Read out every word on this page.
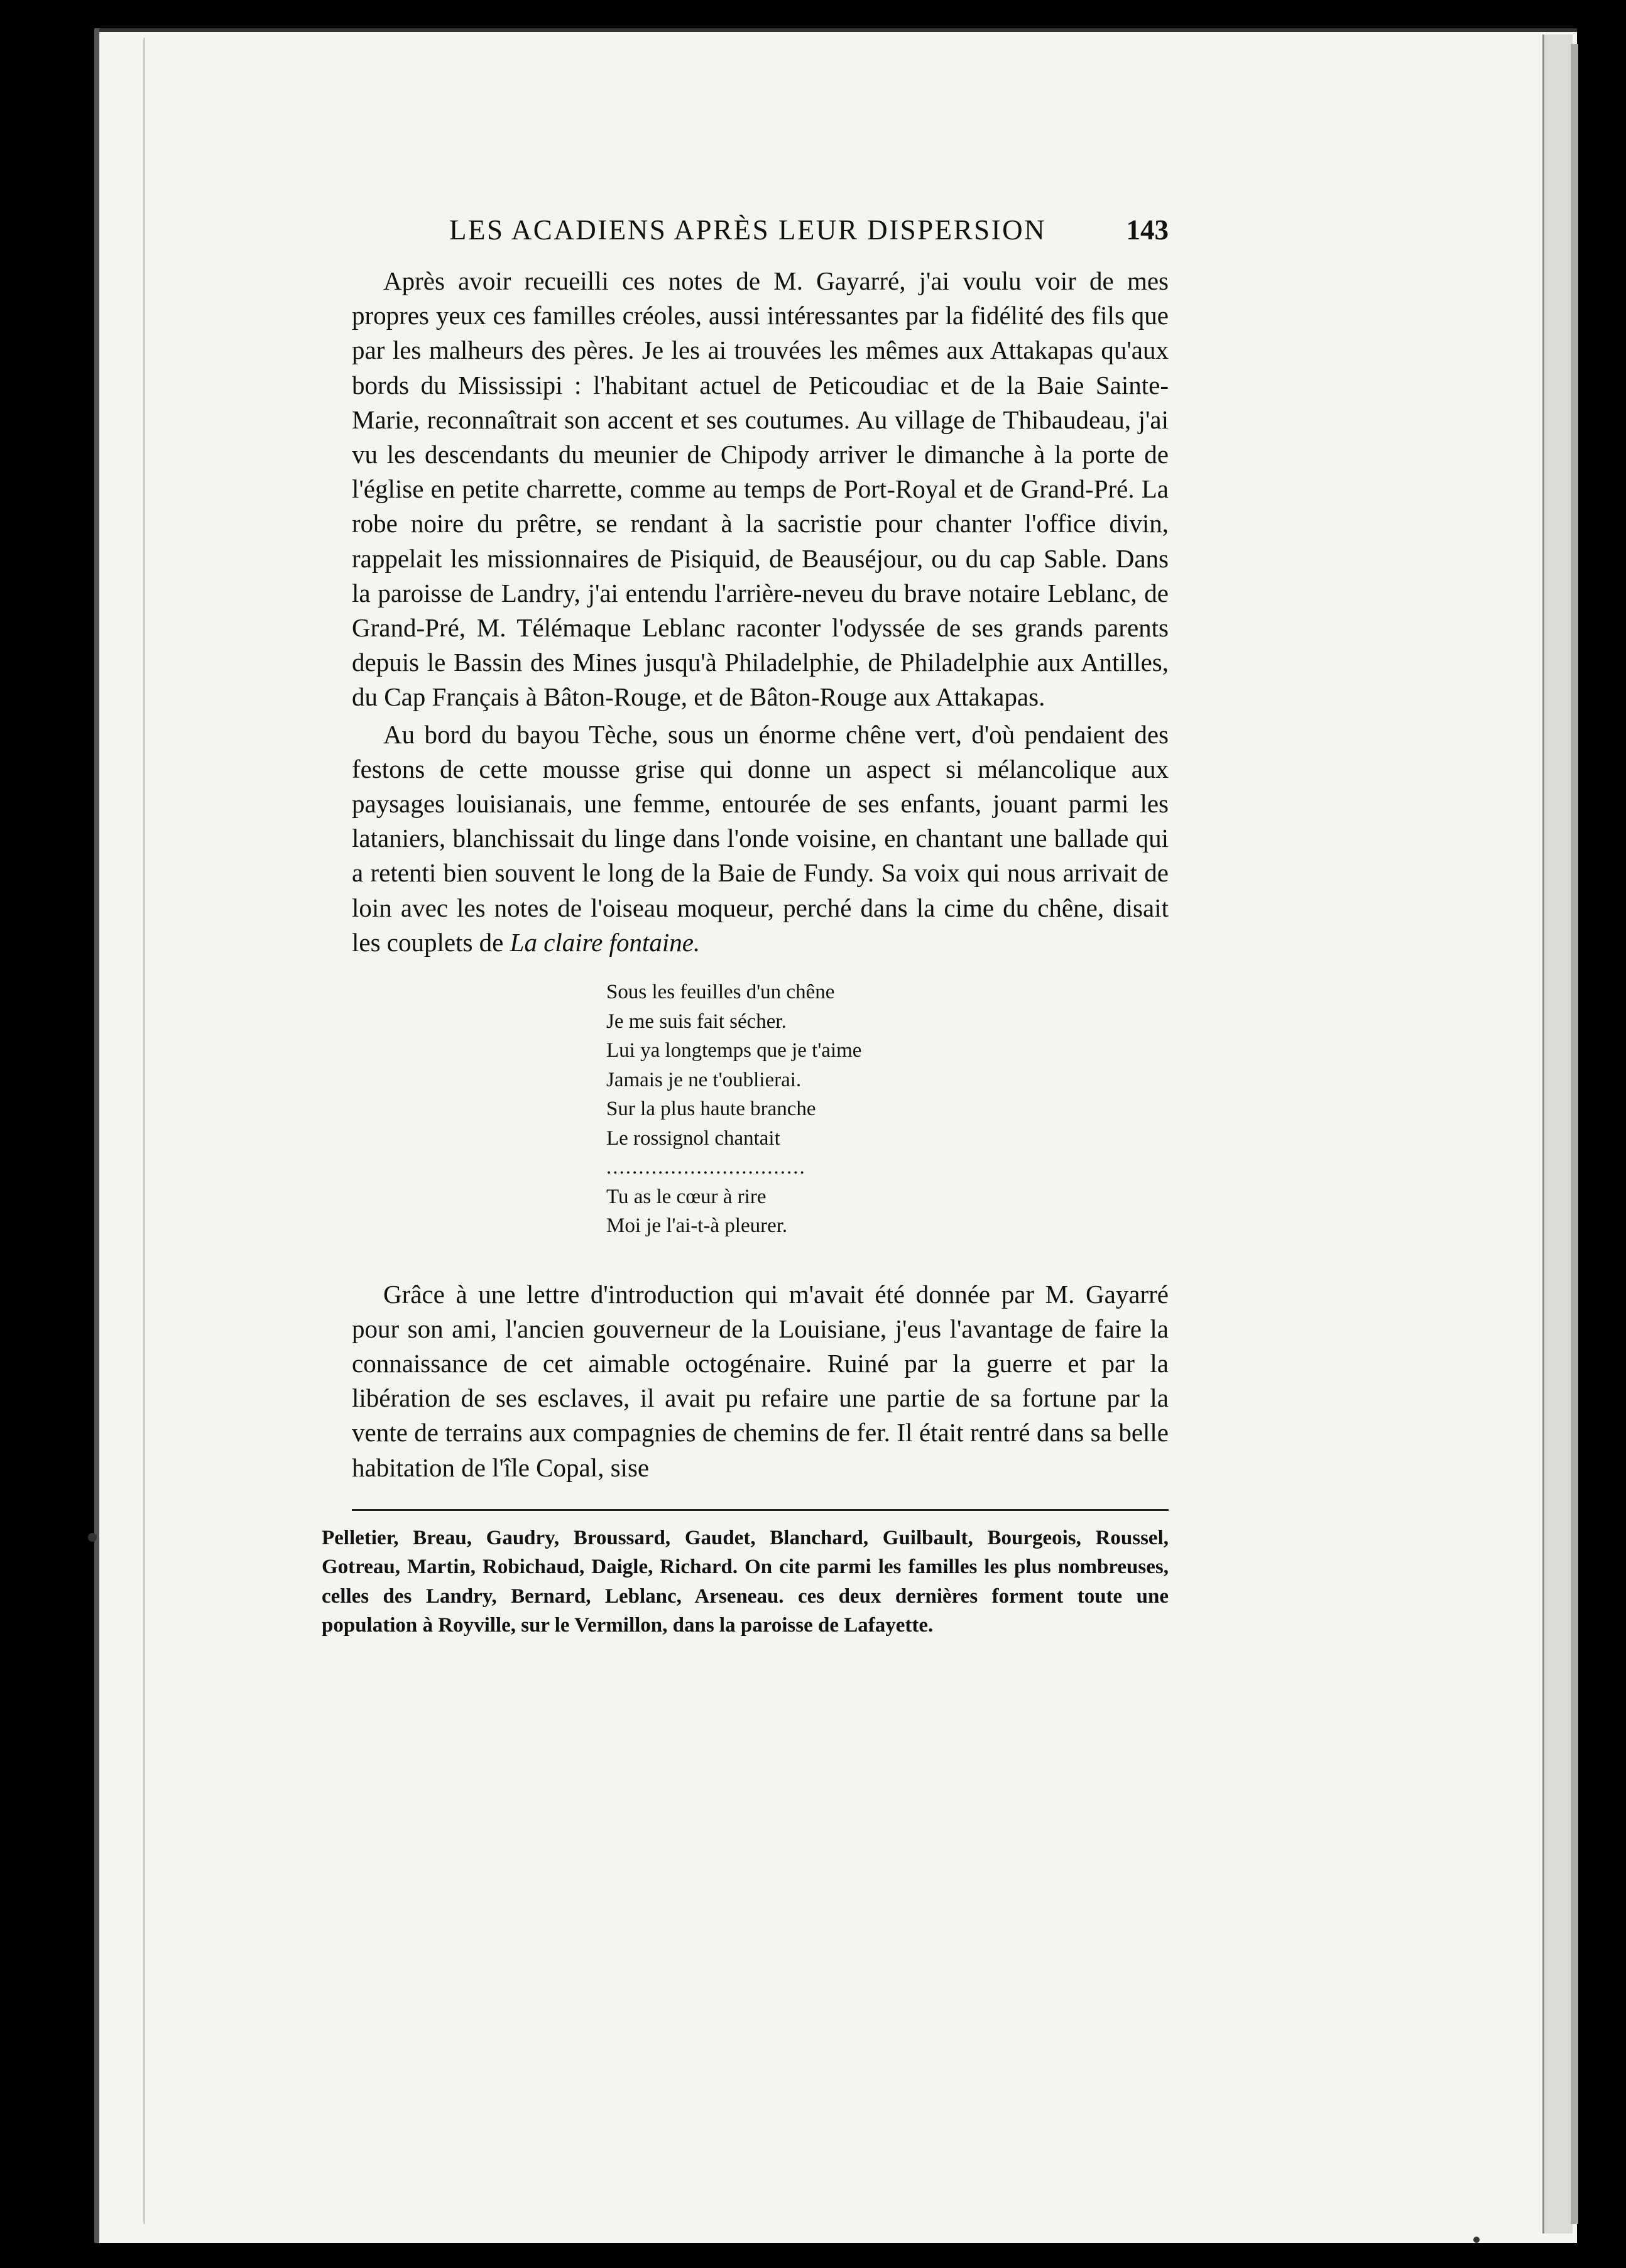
LES ACADIENS APRÈS LEUR DISPERSION	143

Après avoir recueilli ces notes de M. Gayarré, j'ai voulu voir de mes propres yeux ces familles créoles, aussi intéressantes par la fidélité des fils que par les malheurs des pères. Je les ai trouvées les mêmes aux Attakapas qu'aux bords du Mississipi : l'habitant actuel de Peticoudiac et de la Baie Sainte-Marie, reconnaîtrait son accent et ses coutumes. Au village de Thibaudeau, j'ai vu les descendants du meunier de Chipody arriver le dimanche à la porte de l'église en petite charrette, comme au temps de Port-Royal et de Grand-Pré. La robe noire du prêtre, se rendant à la sacristie pour chanter l'office divin, rappelait les missionnaires de Pisiquid, de Beauséjour, ou du cap Sable. Dans la paroisse de Landry, j'ai entendu l'arrière-neveu du brave notaire Leblanc, de Grand-Pré, M. Télémaque Leblanc raconter l'odyssée de ses grands parents depuis le Bassin des Mines jusqu'à Philadelphie, de Philadelphie aux Antilles, du Cap Français à Bâton-Rouge, et de Bâton-Rouge aux Attakapas.

Au bord du bayou Tèche, sous un énorme chêne vert, d'où pendaient des festons de cette mousse grise qui donne un aspect si mélancolique aux paysages louisianais, une femme, entourée de ses enfants, jouant parmi les lataniers, blanchissait du linge dans l'onde voisine, en chantant une ballade qui a retenti bien souvent le long de la Baie de Fundy. Sa voix qui nous arrivait de loin avec les notes de l'oiseau moqueur, perché dans la cime du chêne, disait les couplets de La claire fontaine.

Sous les feuilles d'un chêne
Je me suis fait sécher.
Lui ya longtemps que je t'aime
Jamais je ne t'oublierai.
Sur la plus haute branche
Le rossignol chantait
...............................
Tu as le cœur à rire
Moi je l'ai-t-à pleurer.

Grâce à une lettre d'introduction qui m'avait été donnée par M. Gayarré pour son ami, l'ancien gouverneur de la Louisiane, j'eus l'avantage de faire la connaissance de cet aimable octogénaire. Ruiné par la guerre et par la libération de ses esclaves, il avait pu refaire une partie de sa fortune par la vente de terrains aux compagnies de chemins de fer. Il était rentré dans sa belle habitation de l'île Copal, sise

Pelletier, Breau, Gaudry, Broussard, Gaudet, Blanchard, Guilbault, Bourgeois, Roussel, Gotreau, Martin, Robichaud, Daigle, Richard. On cite parmi les familles les plus nombreuses, celles des Landry, Bernard, Leblanc, Arseneau. ces deux dernières forment toute une population à Royville, sur le Vermillon, dans la paroisse de Lafayette.
